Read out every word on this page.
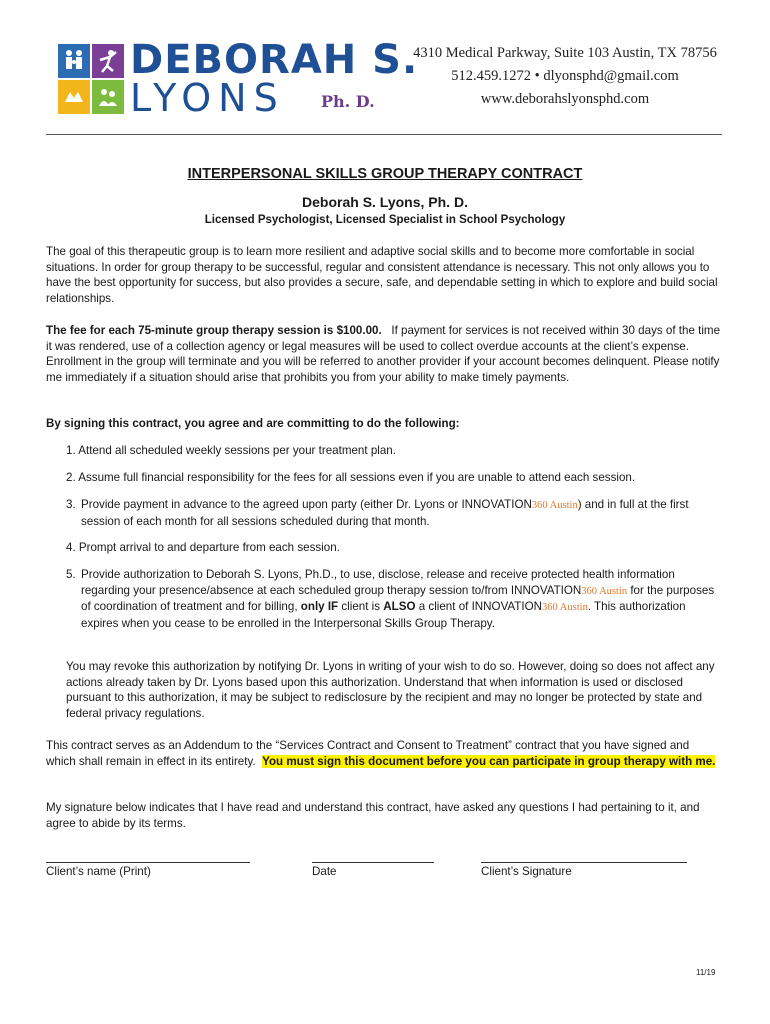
DEBORAH S.
LYONS Ph. D.
4310 Medical Parkway, Suite 103 Austin, TX 78756
512.459.1272 • dlyonsphd@gmail.com
www.deborahslyonsphd.com
INTERPERSONAL SKILLS GROUP THERAPY CONTRACT
Deborah S. Lyons, Ph. D.
Licensed Psychologist, Licensed Specialist in School Psychology

The goal of this therapeutic group is to learn more resilient and adaptive social skills and to become more comfortable in social situations. In order for group therapy to be successful, regular and consistent attendance is necessary. This not only allows you to have the best opportunity for success, but also provides a secure, safe, and dependable setting in which to explore and build social relationships.

The fee for each 75-minute group therapy session is $100.00. If payment for services is not received within 30 days of the time it was rendered, use of a collection agency or legal measures will be used to collect overdue accounts at the client’s expense. Enrollment in the group will terminate and you will be referred to another provider if your account becomes delinquent. Please notify me immediately if a situation should arise that prohibits you from your ability to make timely payments.

By signing this contract, you agree and are committing to do the following:

1. Attend all scheduled weekly sessions per your treatment plan.

2. Assume full financial responsibility for the fees for all sessions even if you are unable to attend each session.

3. Provide payment in advance to the agreed upon party (either Dr. Lyons or INNOVATION360 Austin) and in full at the first session of each month for all sessions scheduled during that month.

4. Prompt arrival to and departure from each session.

5. Provide authorization to Deborah S. Lyons, Ph.D., to use, disclose, release and receive protected health information regarding your presence/absence at each scheduled group therapy session to/from INNOVATION360 Austin for the purposes of coordination of treatment and for billing, only IF client is ALSO a client of INNOVATION360 Austin. This authorization expires when you cease to be enrolled in the Interpersonal Skills Group Therapy.

You may revoke this authorization by notifying Dr. Lyons in writing of your wish to do so. However, doing so does not affect any actions already taken by Dr. Lyons based upon this authorization. Understand that when information is used or disclosed pursuant to this authorization, it may be subject to redisclosure by the recipient and may no longer be protected by state and federal privacy regulations.

This contract serves as an Addendum to the “Services Contract and Consent to Treatment” contract that you have signed and which shall remain in effect in its entirety. You must sign this document before you can participate in group therapy with me.

My signature below indicates that I have read and understand this contract, have asked any questions I had pertaining to it, and agree to abide by its terms.

Client’s name (Print)	Date	Client’s Signature
11/19
